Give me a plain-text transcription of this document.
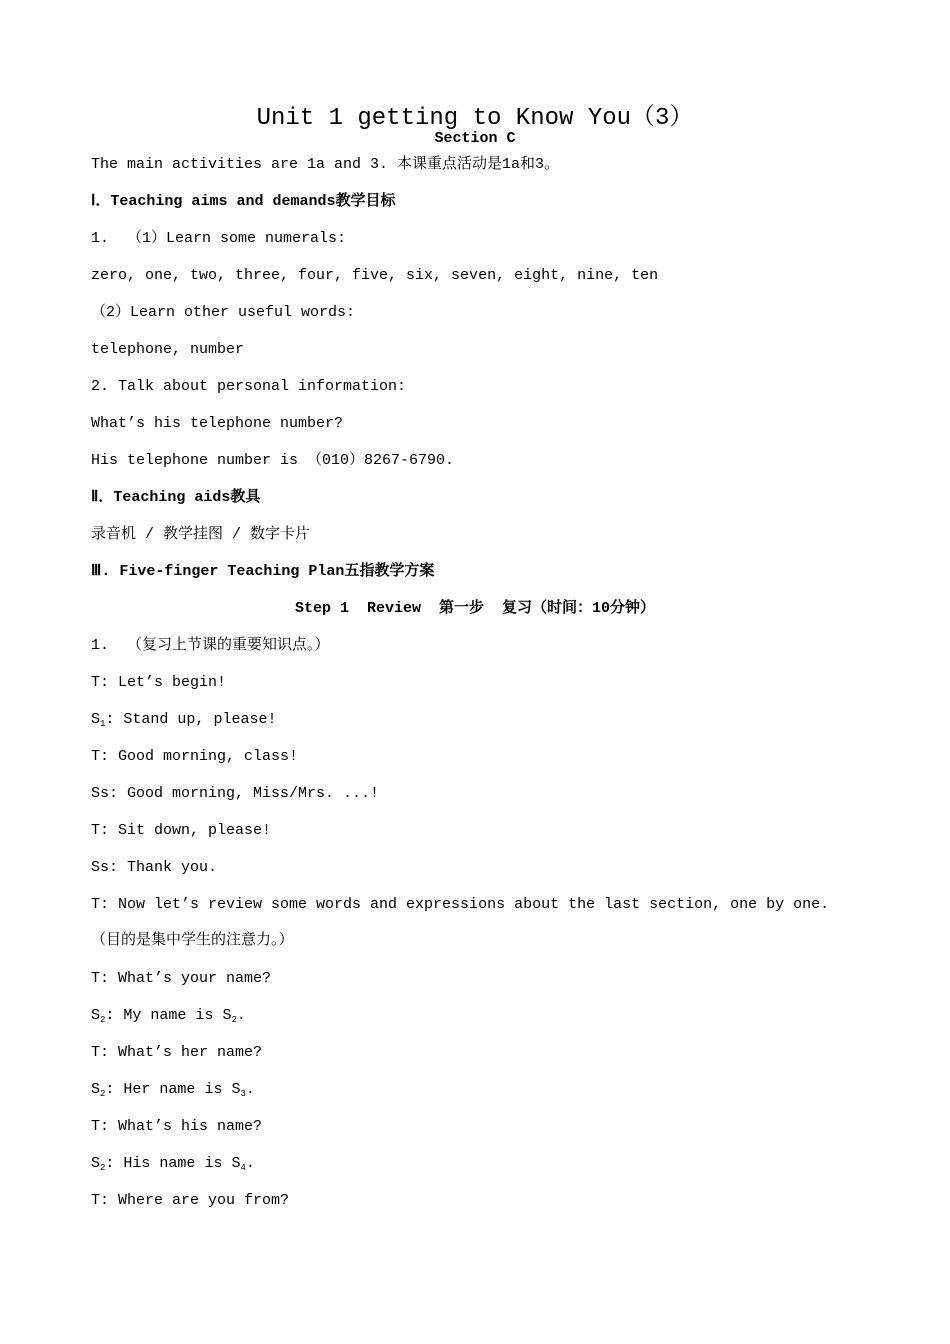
Unit 1 getting to Know You（3）
Section C
The main activities are 1a and 3. 本课重点活动是1a和3。
Ⅰ．Teaching aims and demands教学目标
1.  （1）Learn some numerals:
zero, one, two, three, four, five, six, seven, eight, nine, ten
（2）Learn other useful words:
telephone, number
2. Talk about personal information:
What’s his telephone number?
His telephone number is （010）8267-6790.
Ⅱ．Teaching aids教具
录音机 / 教学挂图 / 数字卡片
Ⅲ. Five-finger Teaching Plan五指教学方案
Step 1  Review  第一步  复习（时间：10分钟）
1.  （复习上节课的重要知识点。）
T: Let’s begin!
$S_1$: Stand up, please!
T: Good morning, class!
Ss: Good morning, Miss/Mrs. ...!
T: Sit down, please!
Ss: Thank you.
T: Now let’s review some words and expressions about the last section, one by one.
（目的是集中学生的注意力。）
T: What’s your name?
$S_2$: My name is $S_2$.
T: What’s her name?
$S_2$: Her name is $S_3$.
T: What’s his name?
$S_2$: His name is $S_4$.
T: Where are you from?
